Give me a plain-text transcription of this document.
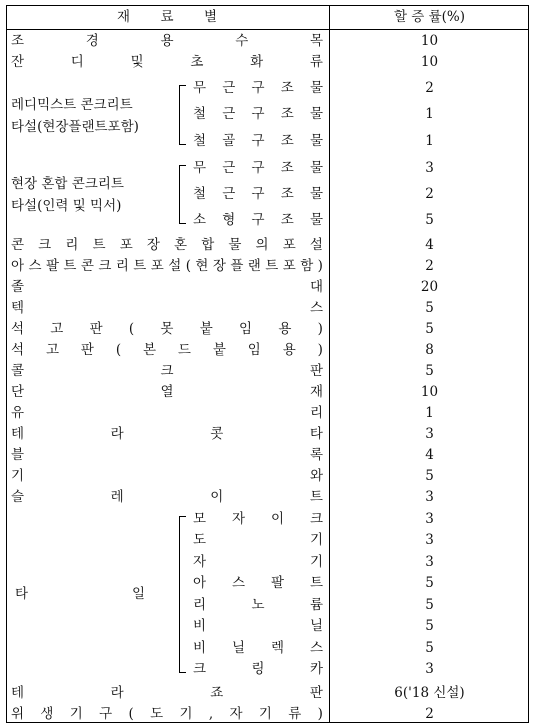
재 료 별	할 증 률(%)
조	경	용	수	목	10
잔	디	및	초	화	류	10
레디믹스트 콘크리트
타설(현장플랜트포함)
무 근 구 조 물	2
철 근 구 조 물	1
철 골 구 조 물	1
현장 혼합 콘크리트
타설(인력 및 믹서)
무 근 구 조 물	3
철 근 구 조 물	2
소 형 구 조 물	5
콘 크 리 트 포 장 혼 합 물 의 포 설	4
아 스 팔 트 콘 크 리 트 포 설 ( 현 장 플 랜 트 포 함 )	2
졸	대	20
텍	스	5
석 고 판 ( 못 붙 임 용 )	5
석 고 판 ( 본 드 붙 임 용 )	8
콜	크	판	5
단	열	재	10
유	리	1
테	라	콧	타	3
블	록	4
기	와	5
슬	레	이	트	3
타	일
모 자 이 크	3
도	기	3
자	기	3
아 스 팔 트	5
리	노	륨	5
비	닐	5
비 닐 렉 스	5
크	링	카	3
테	라	죠	판	6('18 신설)
위 생 기 구 ( 도 기 , 자 기 류 )	2
